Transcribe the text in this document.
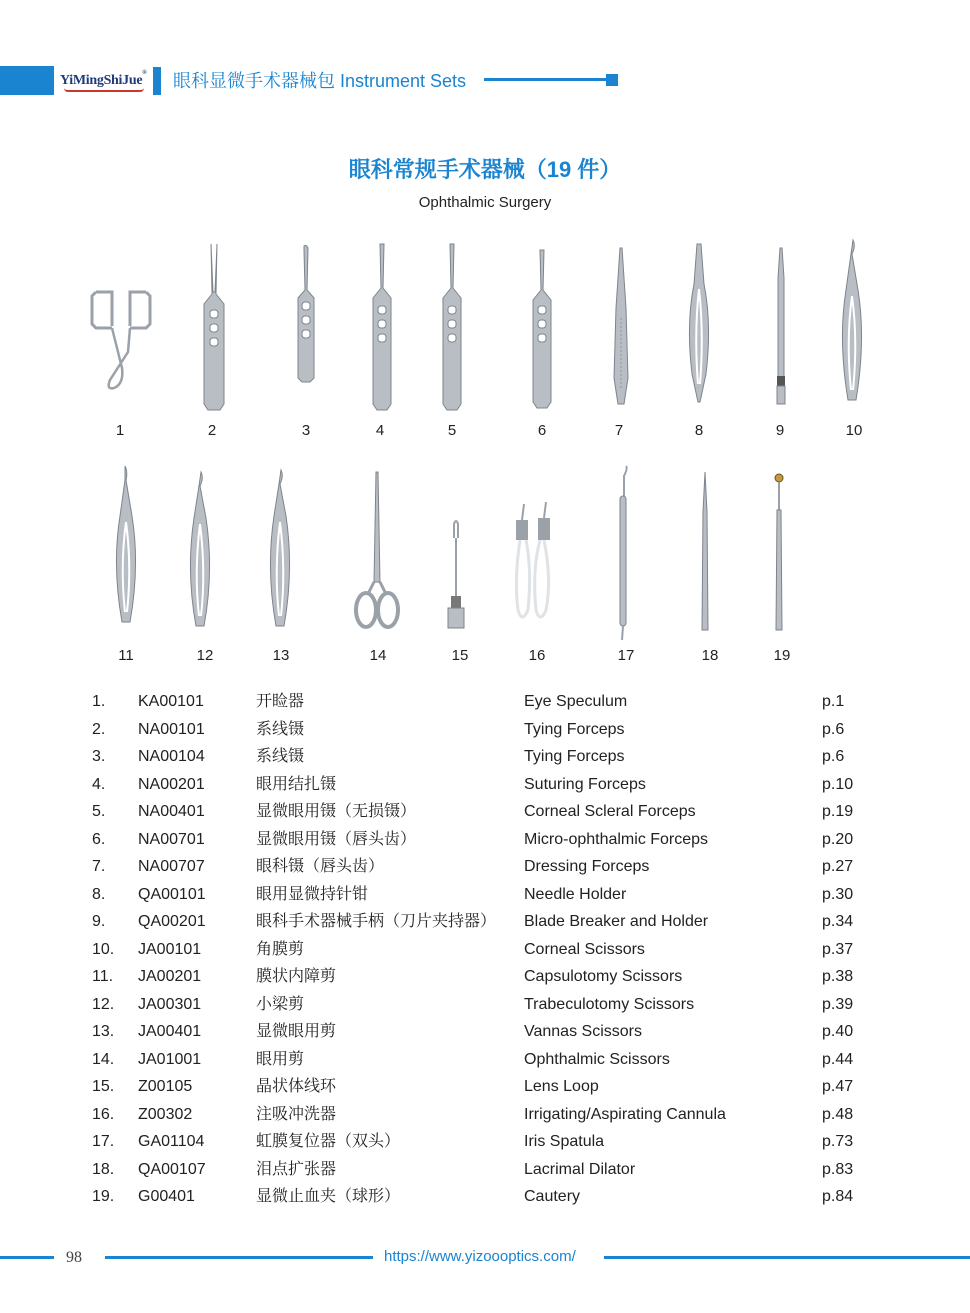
YiMingShiJue® 眼科显微手术器械包 Instrument Sets
眼科常规手术器械（19 件）
Ophthalmic Surgery
1	2	3	4	5	6	7	8	9	10
11	12	13	14	15	16	17	18	19
1. KA00101	开睑器	Eye Speculum	p.1
2. NA00101	系线镊	Tying Forceps	p.6
3. NA00104	系线镊	Tying Forceps	p.6
4. NA00201	眼用结扎镊	Suturing Forceps	p.10
5. NA00401	显微眼用镊（无损镊）	Corneal Scleral Forceps	p.19
6. NA00701	显微眼用镊（唇头齿）	Micro-ophthalmic Forceps	p.20
7. NA00707	眼科镊（唇头齿）	Dressing Forceps	p.27
8. QA00101	眼用显微持针钳	Needle Holder	p.30
9. QA00201	眼科手术器械手柄（刀片夹持器） Blade Breaker and Holder	p.34
10. JA00101	角膜剪	Corneal Scissors	p.37
11. JA00201	膜状内障剪	Capsulotomy Scissors	p.38
12. JA00301	小梁剪	Trabeculotomy Scissors	p.39
13. JA00401	显微眼用剪	Vannas Scissors	p.40
14. JA01001	眼用剪	Ophthalmic Scissors	p.44
15. Z00105	晶状体线环	Lens Loop	p.47
16. Z00302	注吸冲洗器	Irrigating/Aspirating Cannula	p.48
17. GA01104	虹膜复位器（双头）	Iris Spatula	p.73
18. QA00107	泪点扩张器	Lacrimal Dilator	p.83
19. G00401	显微止血夹（球形）	Cautery	p.84
98	https://www.yizoooptics.com/
